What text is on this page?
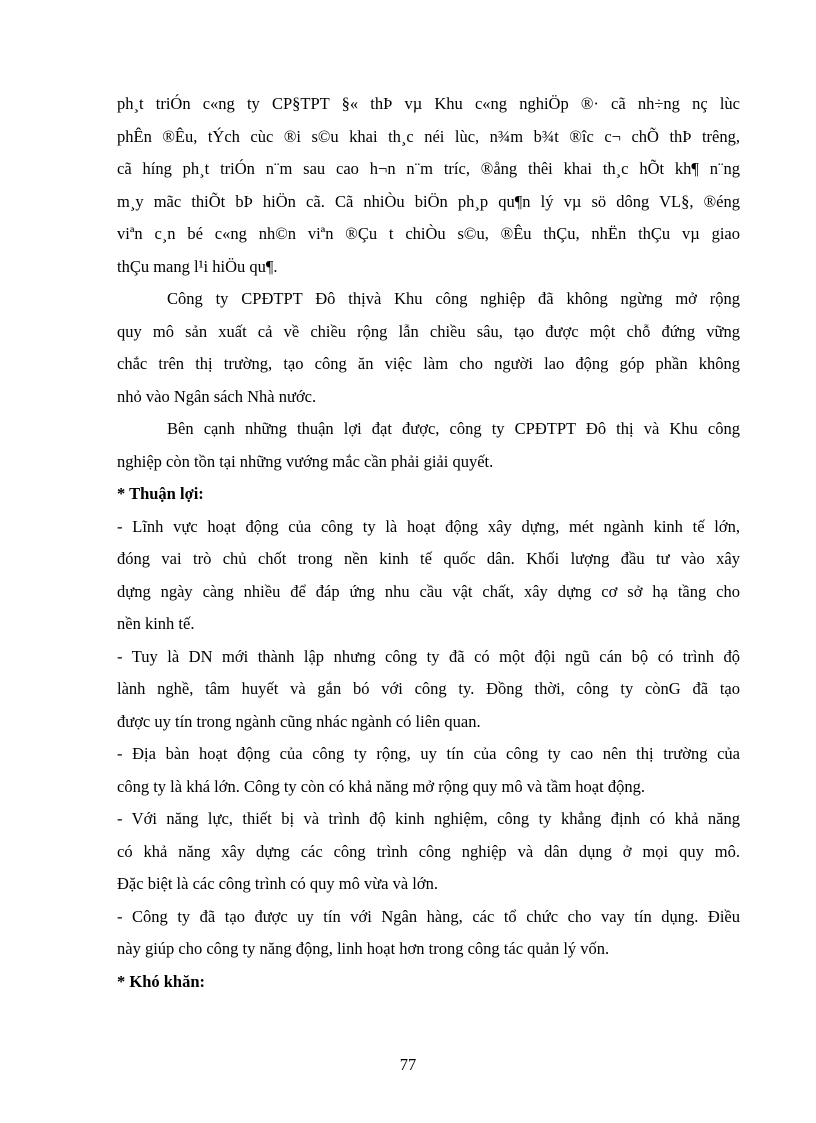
ph¸t triÓn c«ng ty CP§TPT §« thÞ vµ Khu c«ng nghiÖp ®· cã nh÷ng nç lùc
phÊn ®Êu, tÝch cùc ®i s©u khai th¸c néi lùc, n¾m b¾t ®îc c¬ chÕ thÞ trêng,
cã híng ph¸t triÓn n¨m sau cao h¬n n¨m tríc, ®ång thêi khai th¸c hÕt kh¶ n¨ng
m¸y mãc thiÕt bÞ hiÖn cã. Cã nhiÒu biÖn ph¸p qu¶n lý vµ sö dông VL§, ®éng
viªn c¸n bé c«ng nh©n viªn ®Çu t chiÒu s©u, ®Êu thÇu, nhËn thÇu vµ giao
thÇu mang l¹i hiÖu qu¶.
Công ty CPĐTPT Đô thịvà Khu công nghiệp đã không ngừng mở rộng
quy mô sản xuất cả về chiều rộng lẫn chiều sâu, tạo được một chỗ đứng vững
chắc trên thị trường, tạo công ăn việc làm cho người lao động góp phần không
nhỏ vào Ngân sách Nhà nước.
Bên cạnh những thuận lợi đạt được, công ty CPĐTPT Đô thị và Khu công
nghiệp còn tồn tại những vướng mắc cần phải giải quyết.
* Thuận lợi:
- Lĩnh vực hoạt động của công ty là hoạt động xây dựng, mét ngành kinh tế lớn,
đóng vai trò chủ chốt trong nền kinh tế quốc dân. Khối lượng đầu tư vào xây
dựng ngày càng nhiều để đáp ứng nhu cầu vật chất, xây dựng cơ sở hạ tầng cho
nền kinh tế.
- Tuy là DN mới thành lập nhưng công ty đã có một đội ngũ cán bộ có trình độ
lành nghề, tâm huyết và gắn bó với công ty. Đồng thời, công ty cònG đã tạo
được uy tín trong ngành cũng nhác ngành có liên quan.
- Địa bàn hoạt động của công ty rộng, uy tín của công ty cao nên thị trường của
công ty là khá lớn. Công ty còn có khả năng mở rộng quy mô và tầm hoạt động.
- Với năng lực, thiết bị và trình độ kinh nghiệm, công ty khẳng định có khả năng
có khả năng xây dựng các công trình công nghiệp và dân dụng ở mọi quy mô.
Đặc biệt là các công trình có quy mô vừa và lớn.
- Công ty đã tạo được uy tín với Ngân hàng, các tổ chức cho vay tín dụng. Điều
này giúp cho công ty năng động, linh hoạt hơn trong công tác quản lý vốn.
* Khó khăn:
77
